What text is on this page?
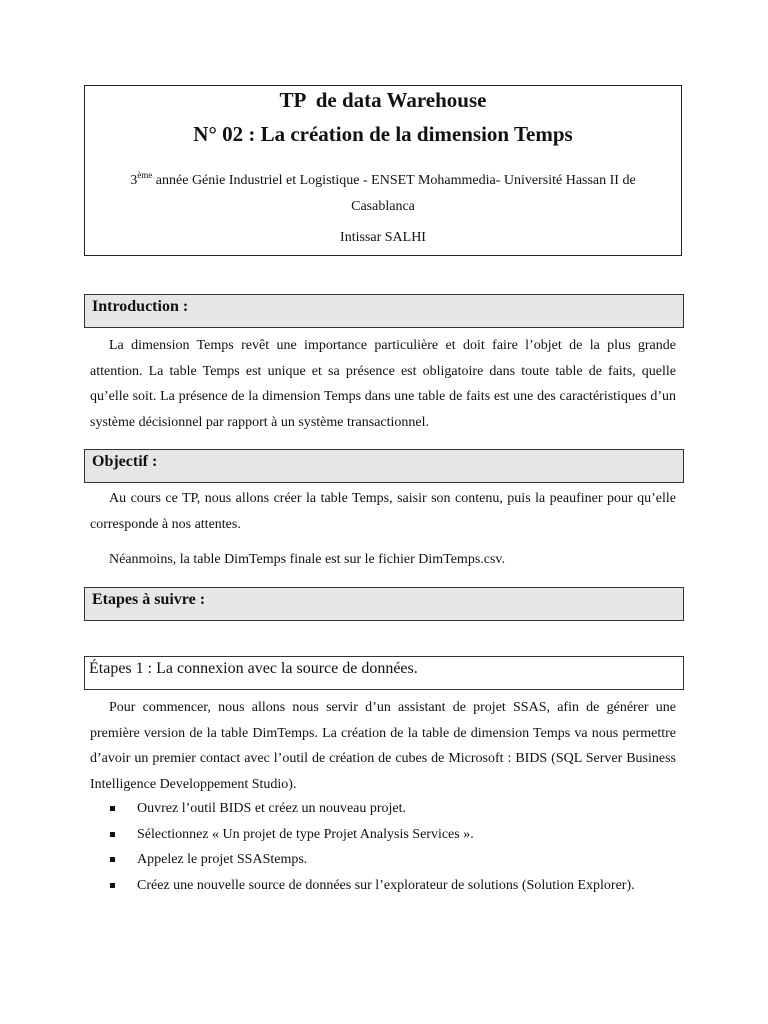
TP  de data Warehouse
N° 02 : La création de la dimension Temps
3ème année Génie Industriel et Logistique - ENSET Mohammedia- Université Hassan II de Casablanca
Intissar SALHI
Introduction :
La dimension Temps revêt une importance particulière et doit faire l’objet de la plus grande attention. La table Temps est unique et sa présence est obligatoire dans toute table de faits, quelle qu’elle soit. La présence de la dimension Temps dans une table de faits est une des caractéristiques d’un système décisionnel par rapport à un système transactionnel.
Objectif :
Au cours ce TP, nous allons créer la table Temps, saisir son contenu, puis la peaufiner pour qu’elle corresponde à nos attentes.
Néanmoins, la table DimTemps finale est sur le fichier DimTemps.csv.
Etapes à suivre :
Étapes 1 : La connexion avec la source de données.
Pour commencer, nous allons nous servir d’un assistant de projet SSAS, afin de générer une première version de la table DimTemps. La création de la table de dimension Temps va nous permettre d’avoir un premier contact avec l’outil de création de cubes de Microsoft : BIDS (SQL Server Business Intelligence Developpement Studio).
Ouvrez l’outil BIDS et créez un nouveau projet.
Sélectionnez « Un projet de type Projet Analysis Services ».
Appelez le projet SSAStemps.
Créez une nouvelle source de données sur l’explorateur de solutions (Solution Explorer).
